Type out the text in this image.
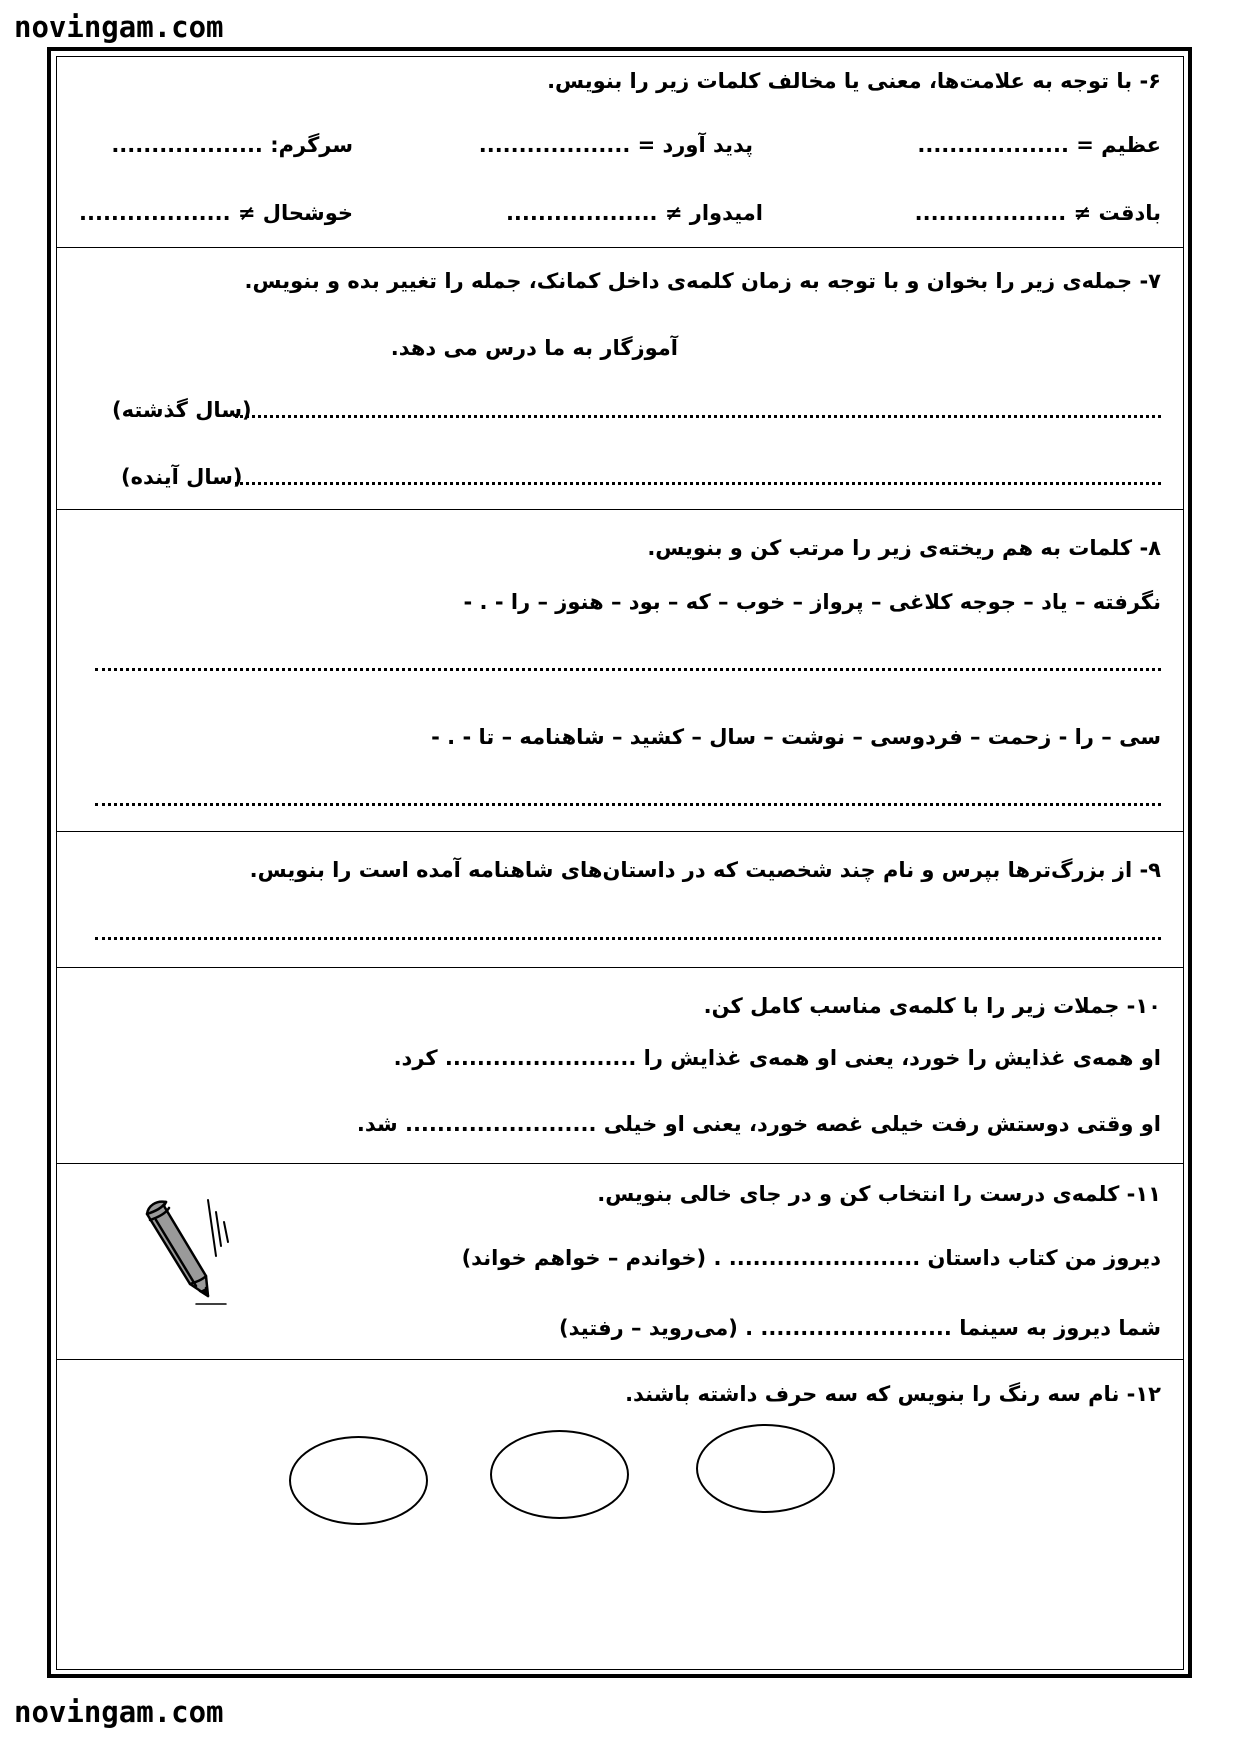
novingam.com
۶- با توجه به علامت‌ها، معنی یا مخالف کلمات زیر را بنویس.
عظیم = ...................
پدید آورد = ...................
سرگرم: ...................
بادقت ≠ ...................
امیدوار ≠ ...................
خوشحال ≠ ...................
۷- جمله‌ی زیر را بخوان و با توجه به زمان کلمه‌ی داخل کمانک، جمله را تغییر بده و بنویس.
آموزگار به ما درس می دهد.
(سال گذشته)
(سال آینده)
۸- کلمات به هم ریخته‌ی زیر را مرتب کن و بنویس.
نگرفته – یاد – جوجه کلاغی – پرواز – خوب – که – بود – هنوز – را - . -
سی – را - زحمت – فردوسی – نوشت – سال – کشید – شاهنامه – تا - . -
۹- از بزرگ‌ترها بپرس و نام چند شخصیت که در داستان‌های شاهنامه آمده است را بنویس.
۱۰- جملات زیر را با کلمه‌ی مناسب کامل کن.
او همه‌ی غذایش را خورد، یعنی او همه‌ی غذایش را ........................ کرد.
او وقتی دوستش رفت خیلی غصه خورد، یعنی او خیلی ........................ شد.
۱۱- کلمه‌ی درست را انتخاب کن و در جای خالی بنویس.
دیروز من کتاب داستان ........................ . (خواندم – خواهم خواند)
شما دیروز به سینما ........................ . (می‌روید – رفتید)
۱۲- نام سه رنگ را بنویس که سه حرف داشته باشند.
novingam.com
